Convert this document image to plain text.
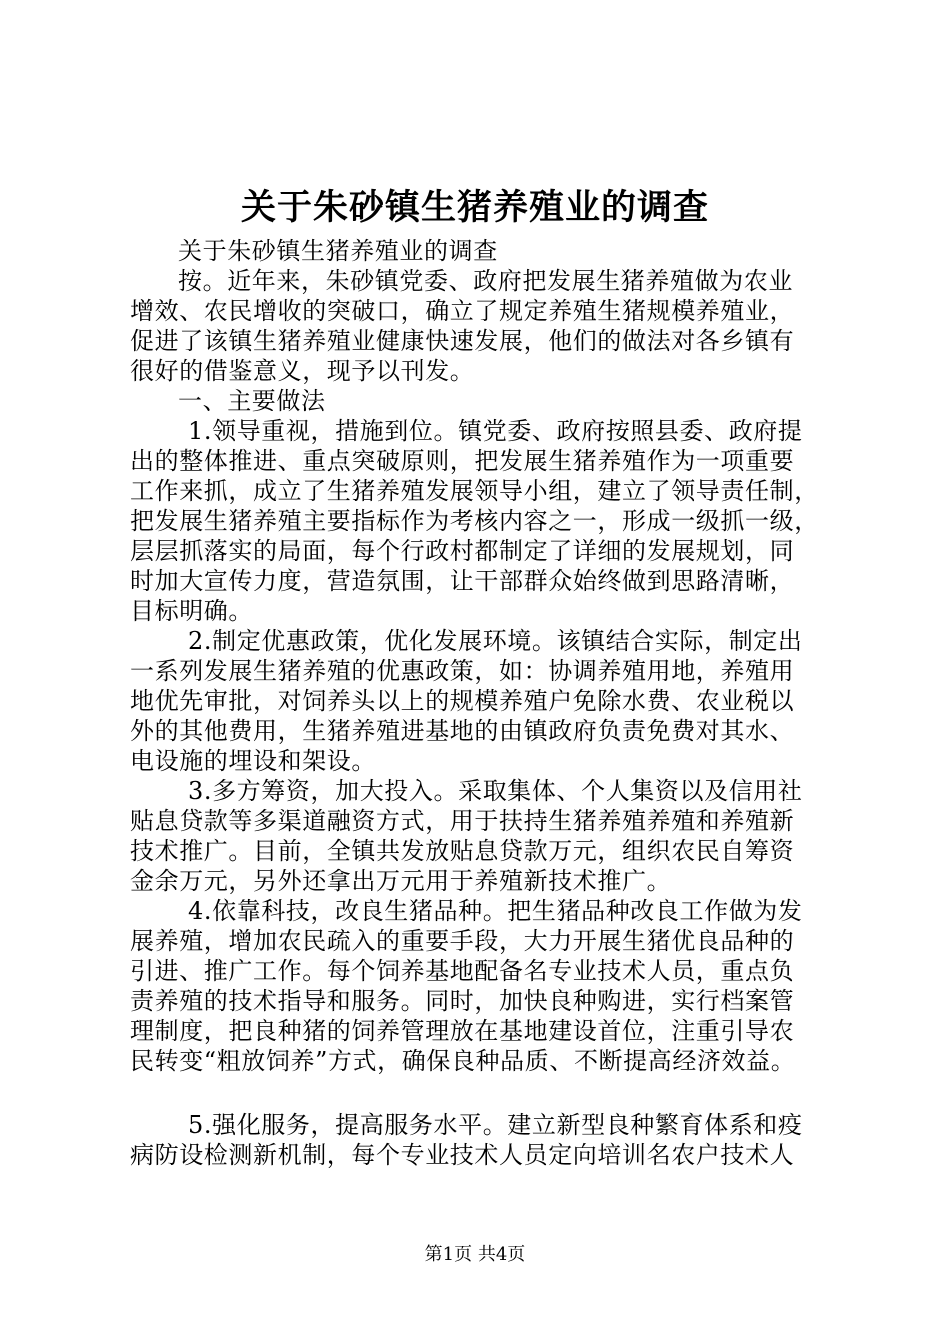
关于朱砂镇生猪养殖业的调查
关于朱砂镇生猪养殖业的调查
按。近年来，朱砂镇党委、政府把发展生猪养殖做为农业
增效、农民增收的突破口，确立了规定养殖生猪规模养殖业，
促进了该镇生猪养殖业健康快速发展，他们的做法对各乡镇有
很好的借鉴意义，现予以刊发。
一、主要做法
1.领导重视，措施到位。镇党委、政府按照县委、政府提
出的整体推进、重点突破原则，把发展生猪养殖作为一项重要
工作来抓，成立了生猪养殖发展领导小组，建立了领导责任制，
把发展生猪养殖主要指标作为考核内容之一，形成一级抓一级，
层层抓落实的局面，每个行政村都制定了详细的发展规划，同
时加大宣传力度，营造氛围，让干部群众始终做到思路清晰，
目标明确。
2.制定优惠政策，优化发展环境。该镇结合实际，制定出
一系列发展生猪养殖的优惠政策，如：协调养殖用地，养殖用
地优先审批，对饲养头以上的规模养殖户免除水费、农业税以
外的其他费用，生猪养殖进基地的由镇政府负责免费对其水、
电设施的埋设和架设。
3.多方筹资，加大投入。采取集体、个人集资以及信用社
贴息贷款等多渠道融资方式，用于扶持生猪养殖养殖和养殖新
技术推广。目前，全镇共发放贴息贷款万元，组织农民自筹资
金余万元，另外还拿出万元用于养殖新技术推广。
4.依靠科技，改良生猪品种。把生猪品种改良工作做为发
展养殖，增加农民疏入的重要手段，大力开展生猪优良品种的
引进、推广工作。每个饲养基地配备名专业技术人员，重点负
责养殖的技术指导和服务。同时，加快良种购进，实行档案管
理制度，把良种猪的饲养管理放在基地建设首位，注重引导农
民转变“粗放饲养”方式，确保良种品质、不断提高经济效益。
5.强化服务，提高服务水平。建立新型良种繁育体系和疫
病防设检测新机制，每个专业技术人员定向培训名农户技术人
第1页 共4页
